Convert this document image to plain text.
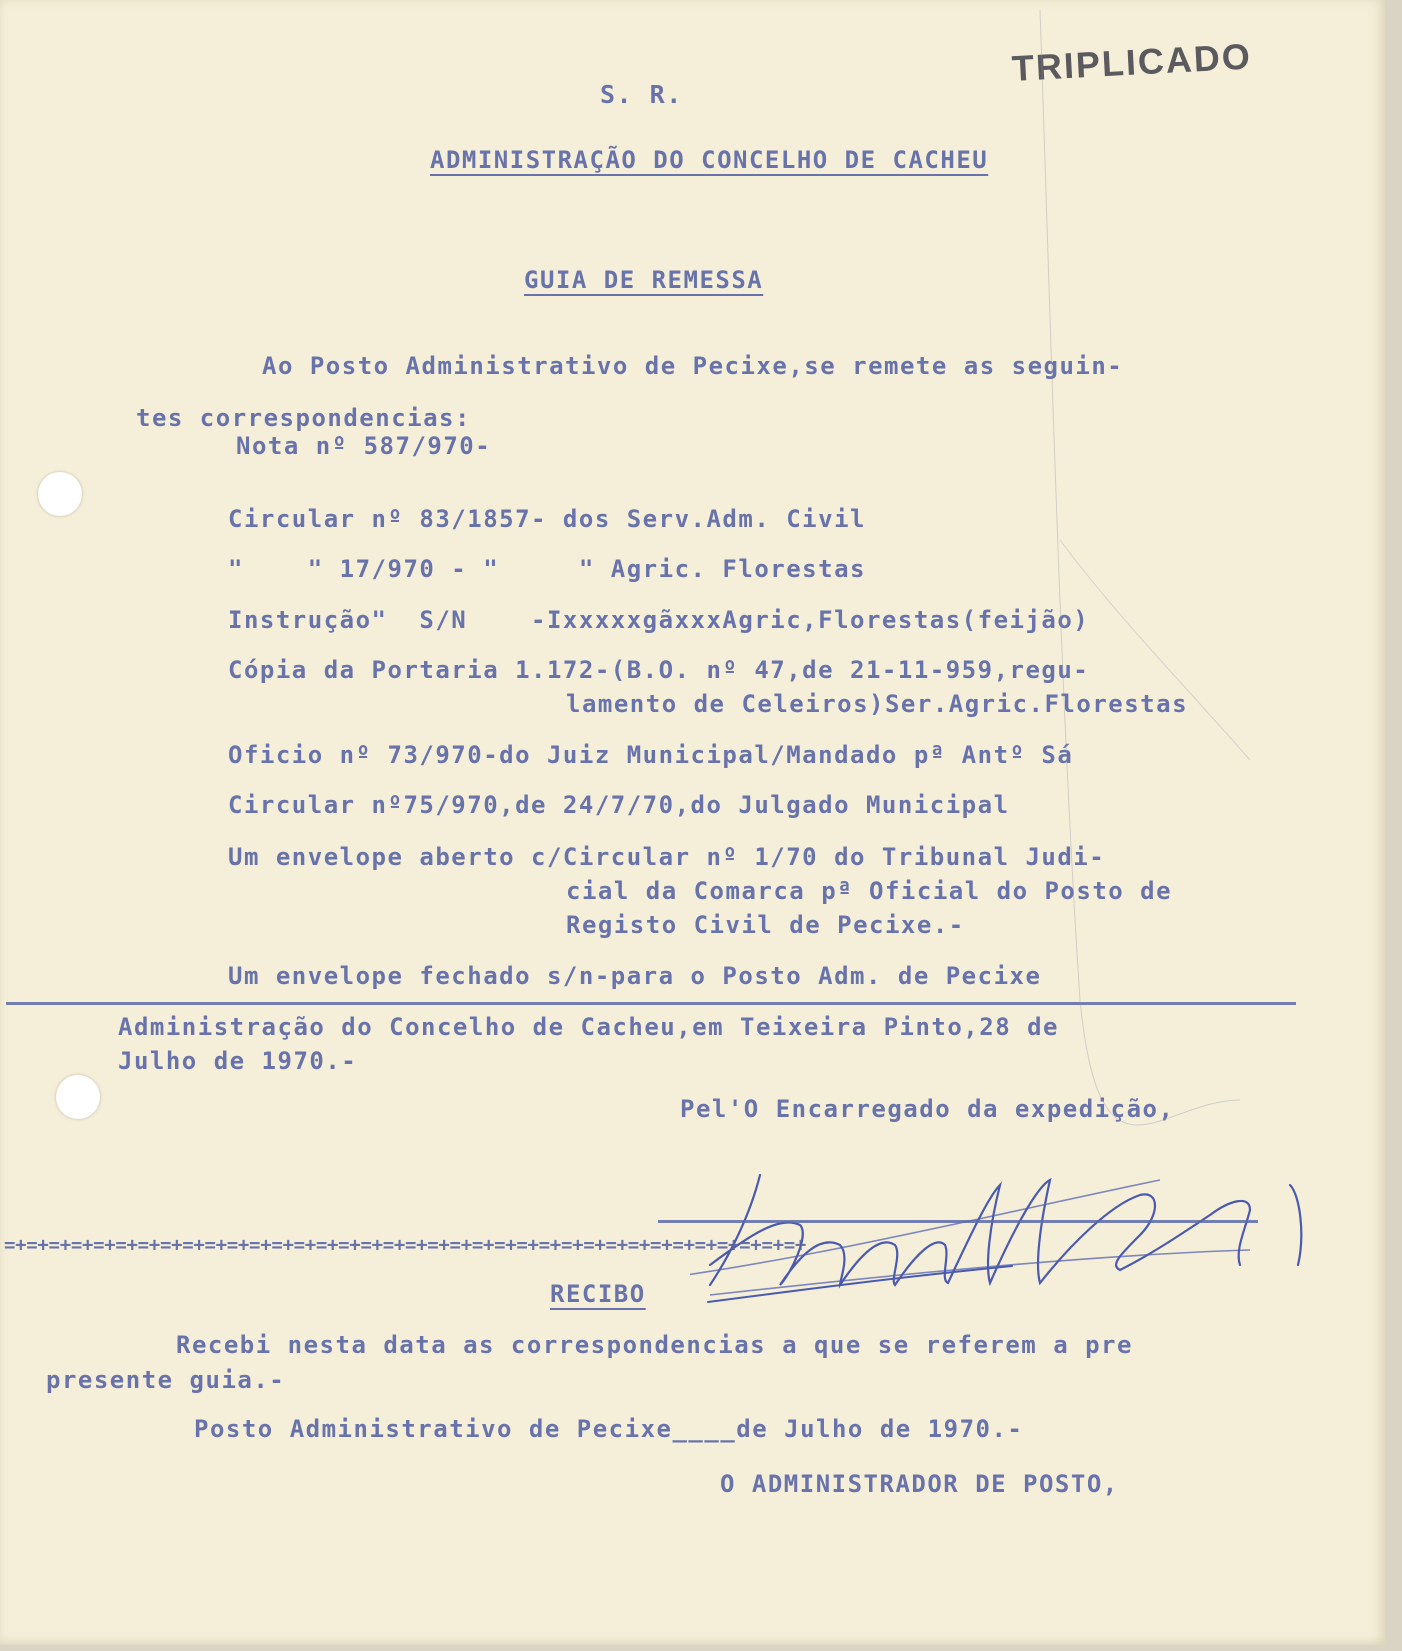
TRIPLICADO
S. R.
ADMINISTRAÇÃO DO CONCELHO DE CACHEU
GUIA DE REMESSA
Ao Posto Administrativo de Pecixe,se remete as seguin-
tes correspondencias:
Nota nº 587/970-
Circular nº 83/1857- dos Serv.Adm. Civil
"    " 17/970 - "     " Agric. Florestas
Instrução"  S/N    -IxxxxxgãxxxAgric,Florestas(feijão)
Cópia da Portaria 1.172-(B.O. nº 47,de 21-11-959,regu-
lamento de Celeiros)Ser.Agric.Florestas
Oficio nº 73/970-do Juiz Municipal/Mandado pª Antº Sá
Circular nº75/970,de 24/7/70,do Julgado Municipal
Um envelope aberto c/Circular nº 1/70 do Tribunal Judi-
cial da Comarca pª Oficial do Posto de
Registo Civil de Pecixe.-
Um envelope fechado s/n-para o Posto Adm. de Pecixe
Administração do Concelho de Cacheu,em Teixeira Pinto,28 de
Julho de 1970.-
Pel'O Encarregado da expedição,
=+=+=+=+=+=+=+=+=+=+=+=+=+=+=+=+=+=+=+=+=+=+=+=+=+=+=+=+=+=+=+=+=+=+=+=+
RECIBO
Recebi nesta data as correspondencias a que se referem a pre
presente guia.-
Posto Administrativo de Pecixe____de Julho de 1970.-
O ADMINISTRADOR DE POSTO,
